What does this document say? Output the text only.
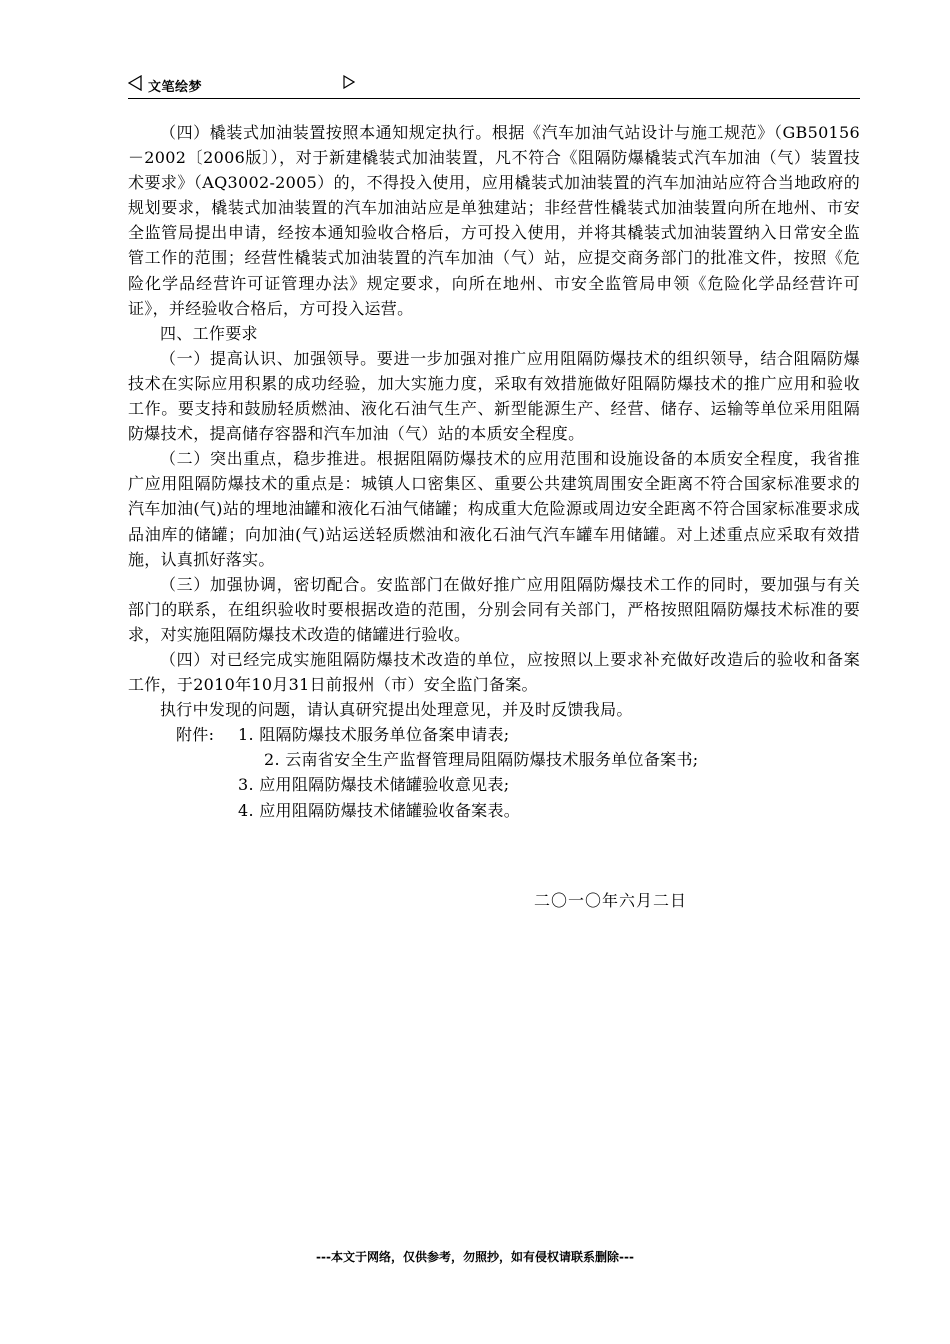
文笔绘梦

（四）橇装式加油装置按照本通知规定执行。根据《汽车加油气站设计与施工规范》（GB50156－2002〔2006版〕），对于新建橇装式加油装置，凡不符合《阻隔防爆橇装式汽车加油（气）装置技术要求》（AQ3002-2005）的，不得投入使用，应用橇装式加油装置的汽车加油站应符合当地政府的规划要求，橇装式加油装置的汽车加油站应是单独建站；非经营性橇装式加油装置向所在地州、市安全监管局提出申请，经按本通知验收合格后，方可投入使用，并将其橇装式加油装置纳入日常安全监管工作的范围；经营性橇装式加油装置的汽车加油（气）站，应提交商务部门的批准文件，按照《危险化学品经营许可证管理办法》规定要求，向所在地州、市安全监管局申领《危险化学品经营许可证》，并经验收合格后，方可投入运营。

四、工作要求

（一）提高认识、加强领导。要进一步加强对推广应用阻隔防爆技术的组织领导，结合阻隔防爆技术在实际应用积累的成功经验，加大实施力度，采取有效措施做好阻隔防爆技术的推广应用和验收工作。要支持和鼓励轻质燃油、液化石油气生产、新型能源生产、经营、储存、运输等单位采用阻隔防爆技术，提高储存容器和汽车加油（气）站的本质安全程度。

（二）突出重点，稳步推进。根据阻隔防爆技术的应用范围和设施设备的本质安全程度，我省推广应用阻隔防爆技术的重点是：城镇人口密集区、重要公共建筑周围安全距离不符合国家标准要求的汽车加油(气)站的埋地油罐和液化石油气储罐；构成重大危险源或周边安全距离不符合国家标准要求成品油库的储罐；向加油(气)站运送轻质燃油和液化石油气汽车罐车用储罐。对上述重点应采取有效措施，认真抓好落实。

（三）加强协调，密切配合。安监部门在做好推广应用阻隔防爆技术工作的同时，要加强与有关部门的联系，在组织验收时要根据改造的范围，分别会同有关部门，严格按照阻隔防爆技术标准的要求，对实施阻隔防爆技术改造的储罐进行验收。

（四）对已经完成实施阻隔防爆技术改造的单位，应按照以上要求补充做好改造后的验收和备案工作，于2010年10月31日前报州（市）安全监门备案。

执行中发现的问题，请认真研究提出处理意见，并及时反馈我局。

附件: 1. 阻隔防爆技术服务单位备案申请表;
2. 云南省安全生产监督管理局阻隔防爆技术服务单位备案书;
3. 应用阻隔防爆技术储罐验收意见表;
4. 应用阻隔防爆技术储罐验收备案表。
二〇一〇年六月二日
---本文于网络，仅供参考，勿照抄，如有侵权请联系删除---
